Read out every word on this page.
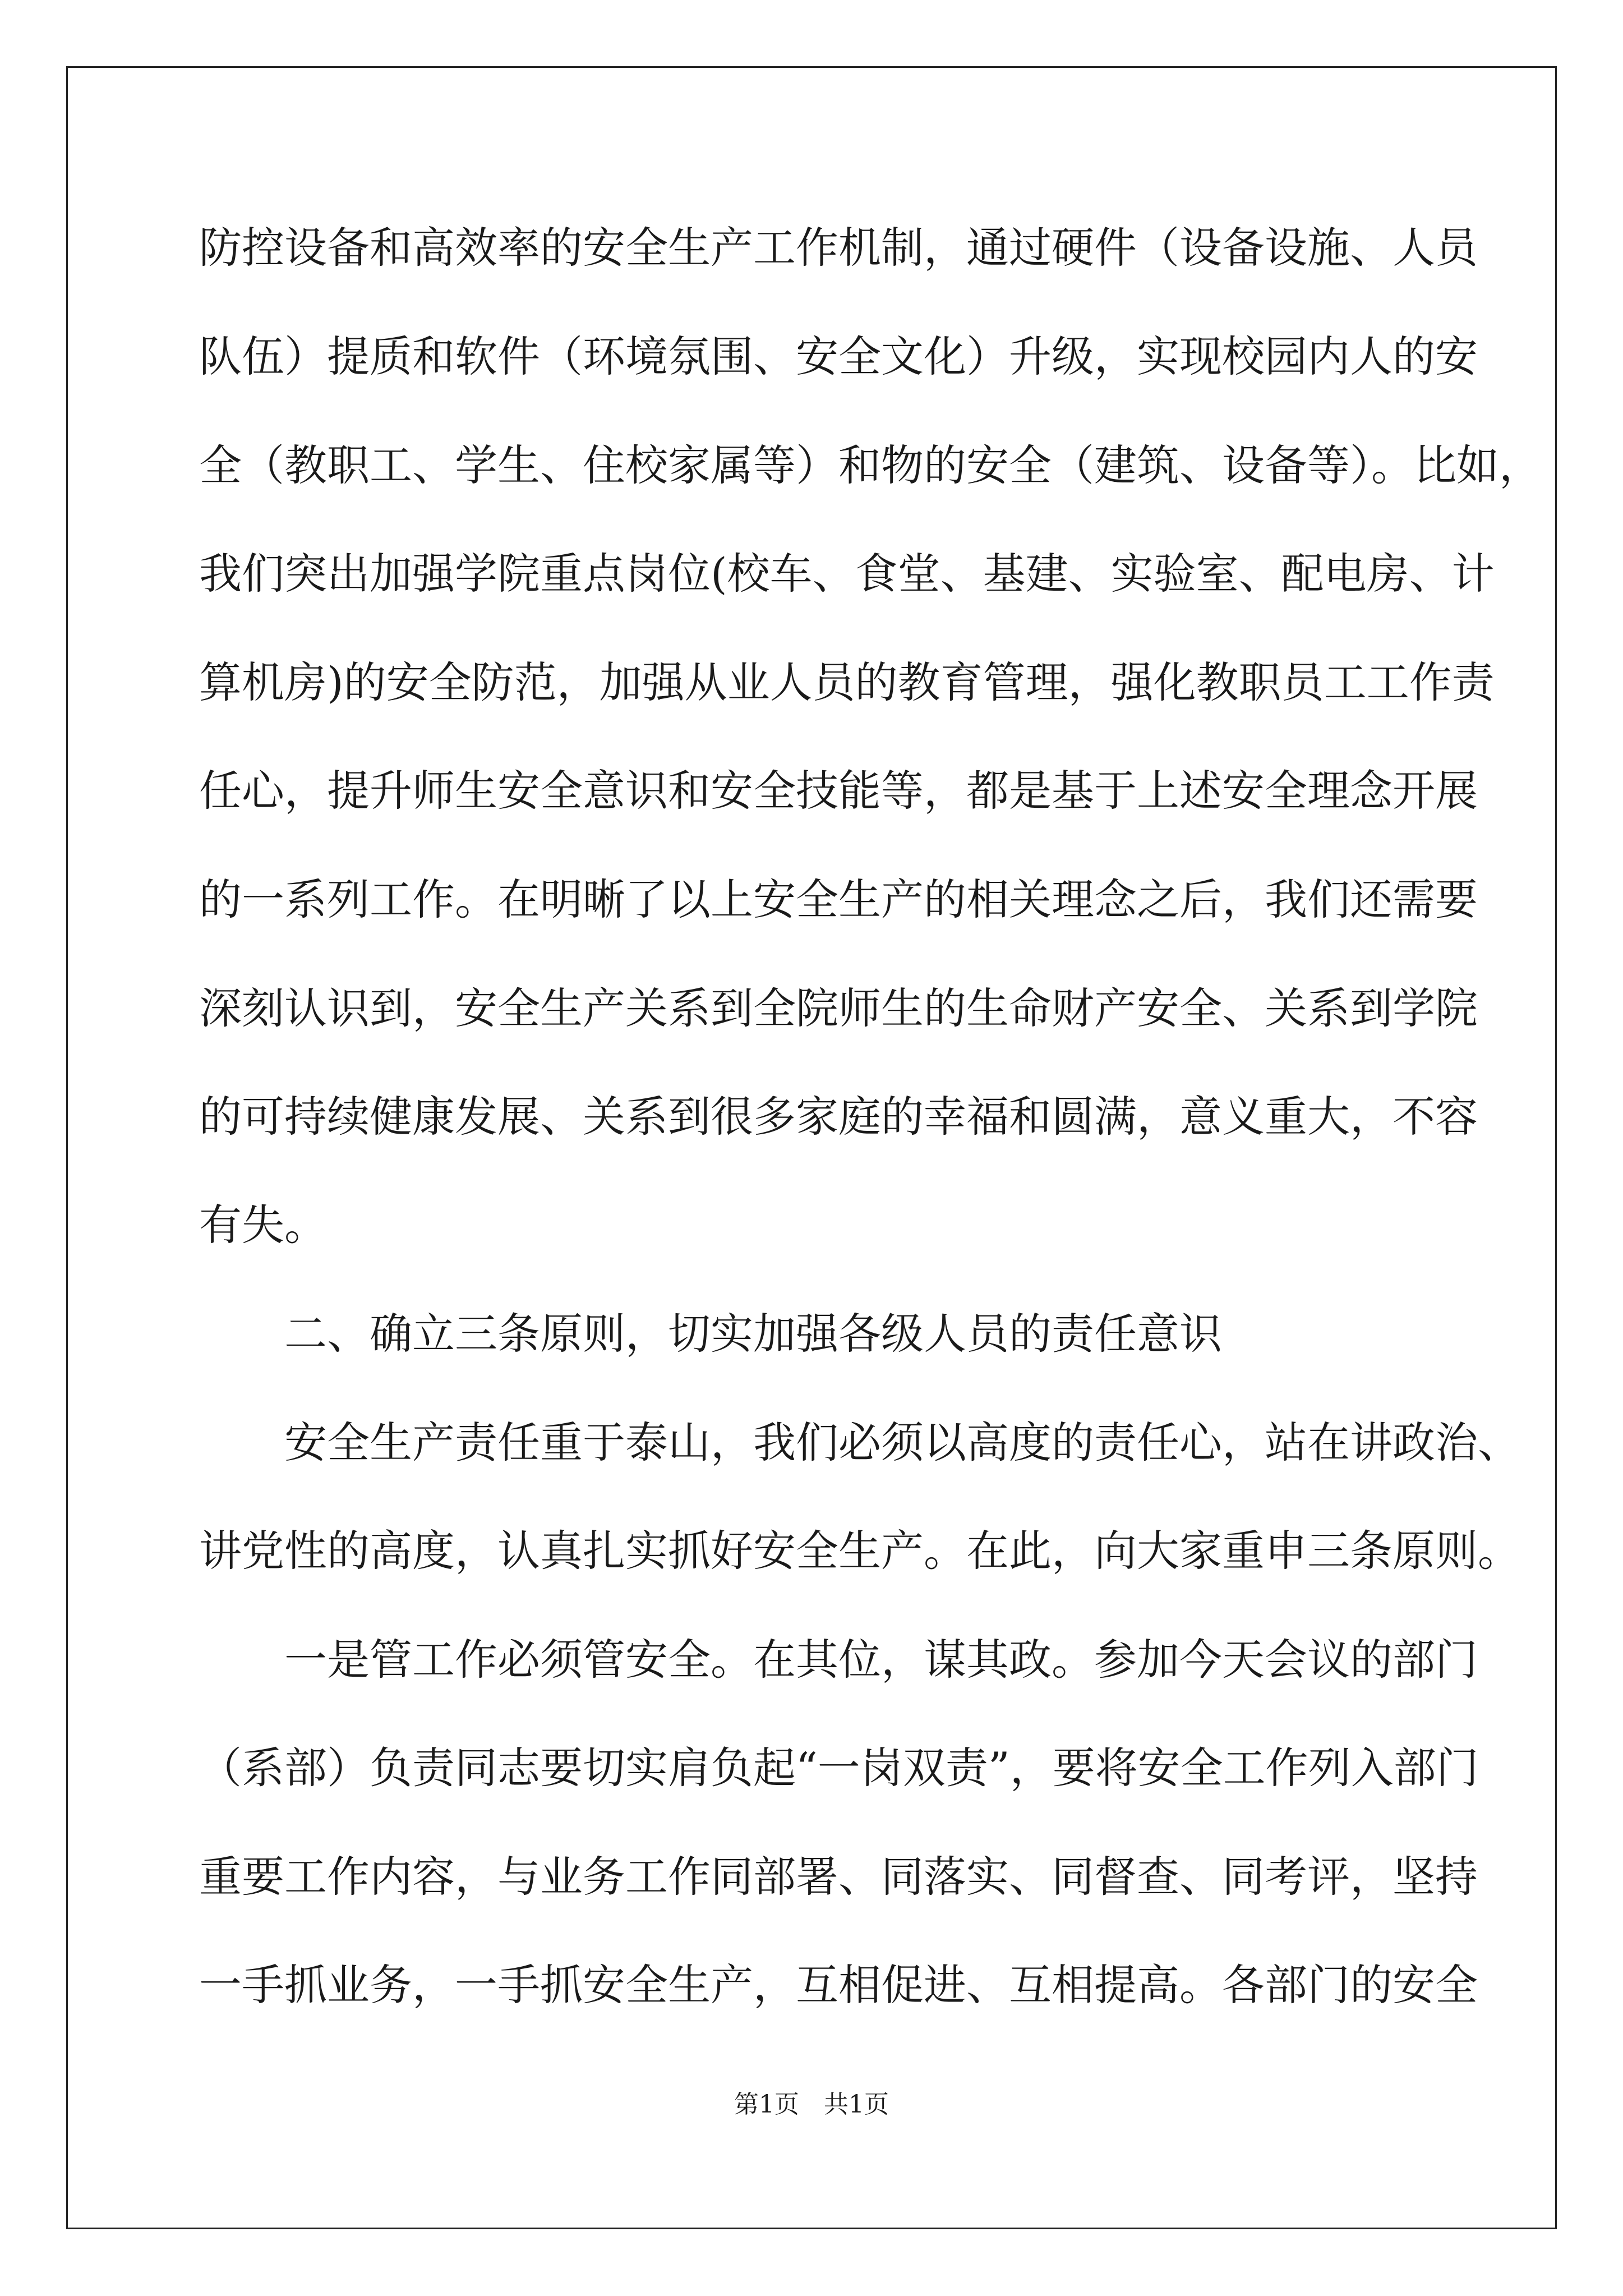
防控设备和高效率的安全生产工作机制，通过硬件（设备设施、人员
队伍）提质和软件（环境氛围、安全文化）升级，实现校园内人的安
全（教职工、学生、住校家属等）和物的安全（建筑、设备等）。比如，
我们突出加强学院重点岗位(校车、食堂、基建、实验室、配电房、计
算机房)的安全防范，加强从业人员的教育管理，强化教职员工工作责
任心，提升师生安全意识和安全技能等，都是基于上述安全理念开展
的一系列工作。在明晰了以上安全生产的相关理念之后，我们还需要
深刻认识到，安全生产关系到全院师生的生命财产安全、关系到学院
的可持续健康发展、关系到很多家庭的幸福和圆满，意义重大，不容
有失。
　　二、确立三条原则，切实加强各级人员的责任意识
　　安全生产责任重于泰山，我们必须以高度的责任心，站在讲政治、
讲党性的高度，认真扎实抓好安全生产。在此，向大家重申三条原则。
　　一是管工作必须管安全。在其位，谋其政。参加今天会议的部门
（系部）负责同志要切实肩负起“一岗双责”，要将安全工作列入部门
重要工作内容，与业务工作同部署、同落实、同督查、同考评，坚持
一手抓业务，一手抓安全生产，互相促进、互相提高。各部门的安全
第1页　共1页
